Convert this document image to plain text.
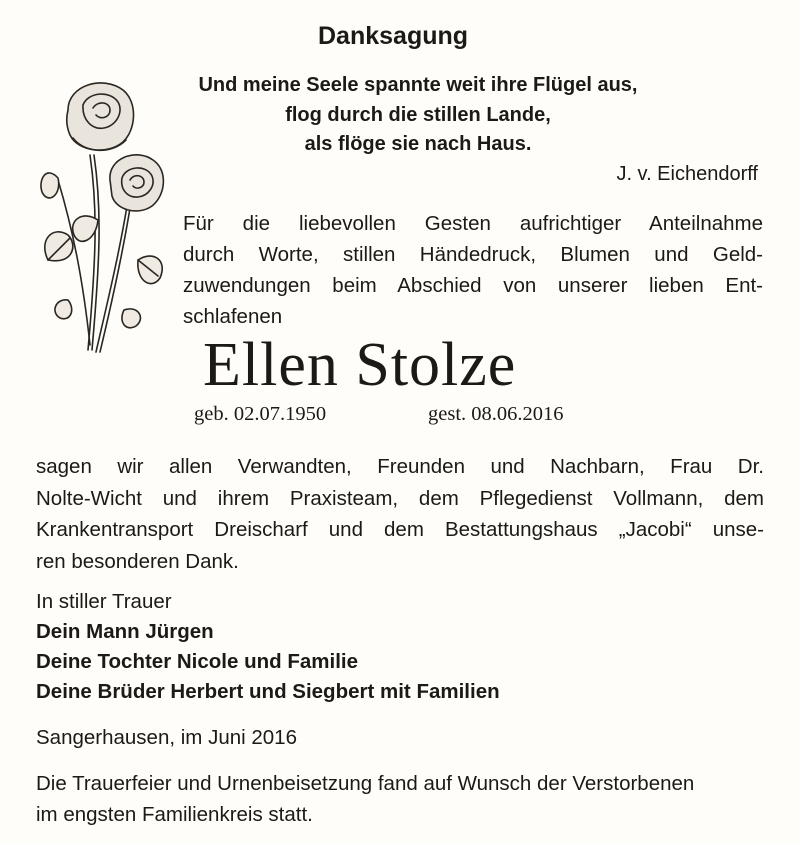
Danksagung
Und meine Seele spannte weit ihre Flügel aus,
flog durch die stillen Lande,
als flöge sie nach Haus.
J. v. Eichendorff
Für die liebevollen Gesten aufrichtiger Anteilnahme
durch Worte, stillen Händedruck, Blumen und Geld-
zuwendungen beim Abschied von unserer lieben Ent-
schlafenen
Ellen Stolze
geb. 02.07.1950	gest. 08.06.2016
sagen wir allen Verwandten, Freunden und Nachbarn, Frau Dr.
Nolte-Wicht und ihrem Praxisteam, dem Pflegedienst Vollmann, dem
Krankentransport Dreischarf und dem Bestattungshaus „Jacobi“ unse-
ren besonderen Dank.
In stiller Trauer
Dein Mann Jürgen
Deine Tochter Nicole und Familie
Deine Brüder Herbert und Siegbert mit Familien
Sangerhausen, im Juni 2016
Die Trauerfeier und Urnenbeisetzung fand auf Wunsch der Verstorbenen
im engsten Familienkreis statt.
